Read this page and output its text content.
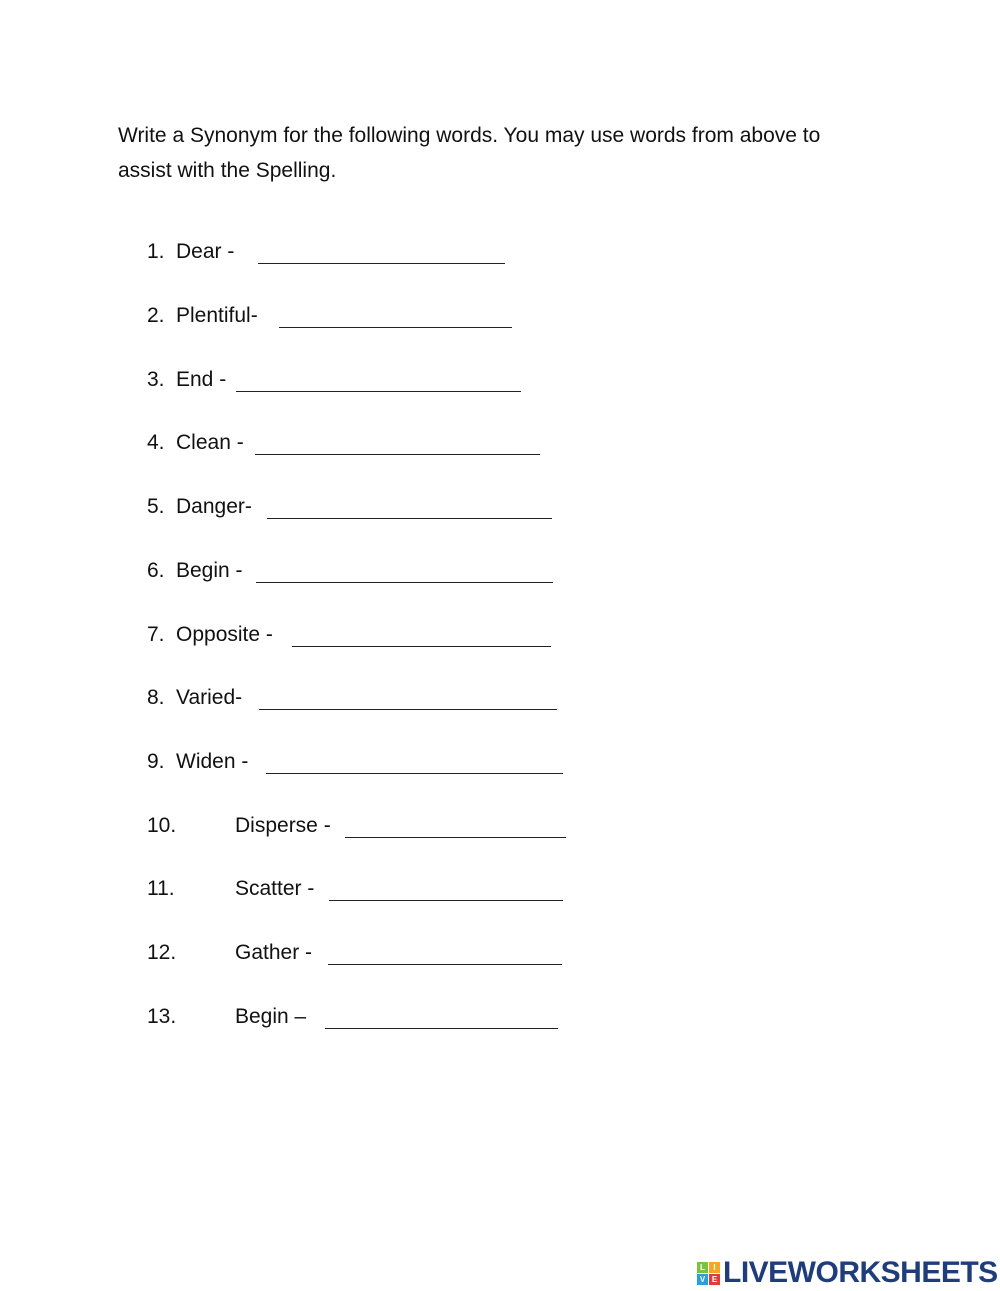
Write a Synonym for the following words. You may use words from above to assist with the Spelling.
1. Dear -
2. Plentiful-
3. End -
4. Clean -
5. Danger-
6. Begin -
7. Opposite -
8. Varied-
9. Widen -
10.	Disperse -
11.	Scatter -
12.	Gather -
13.	Begin –
L	I
V E LIVEWORKSHEETS
